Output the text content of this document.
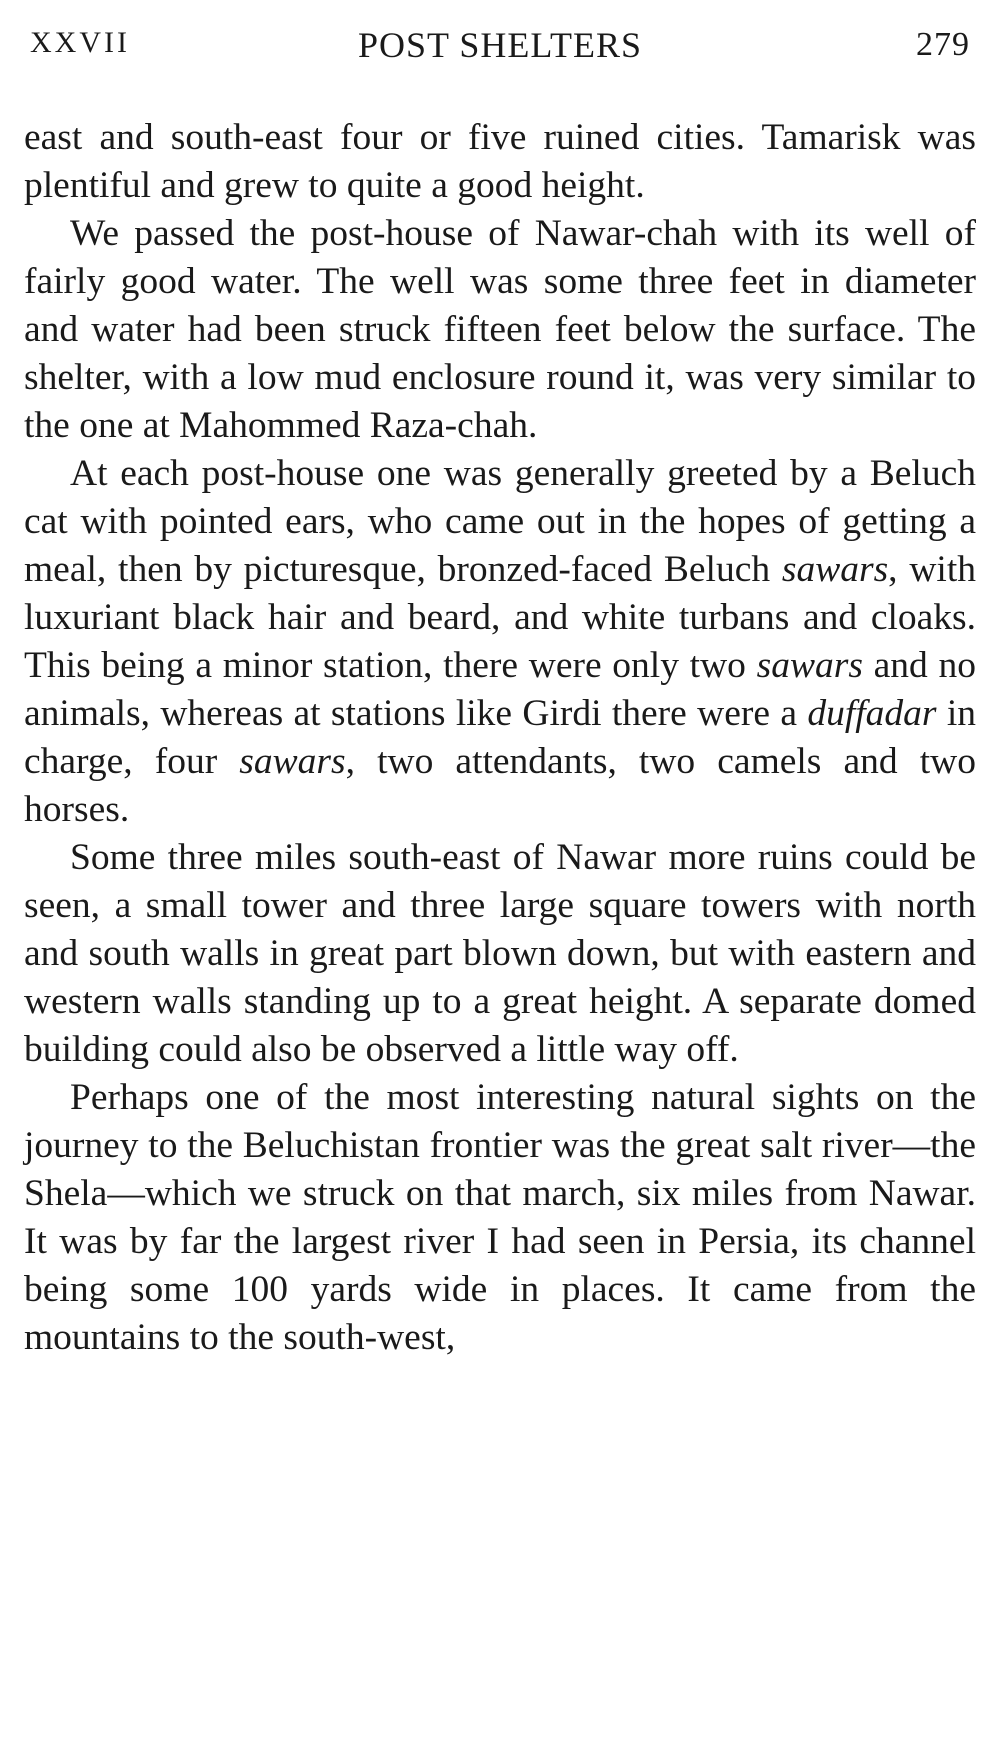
XXVII	POST SHELTERS	279

east and south-east four or five ruined cities. Tamarisk was plentiful and grew to quite a good height.

We passed the post-house of Nawar-chah with its well of fairly good water. The well was some three feet in diameter and water had been struck fifteen feet below the surface. The shelter, with a low mud enclosure round it, was very similar to the one at Mahommed Raza-chah.

At each post-house one was generally greeted by a Beluch cat with pointed ears, who came out in the hopes of getting a meal, then by picturesque, bronzed-faced Beluch sawars, with luxuriant black hair and beard, and white turbans and cloaks. This being a minor station, there were only two sawars and no animals, whereas at stations like Girdi there were a duffadar in charge, four sawars, two attendants, two camels and two horses.

Some three miles south-east of Nawar more ruins could be seen, a small tower and three large square towers with north and south walls in great part blown down, but with eastern and western walls standing up to a great height. A separate domed building could also be observed a little way off.

Perhaps one of the most interesting natural sights on the journey to the Beluchistan frontier was the great salt river—the Shela—which we struck on that march, six miles from Nawar. It was by far the largest river I had seen in Persia, its channel being some 100 yards wide in places. It came from the mountains to the south-west,
